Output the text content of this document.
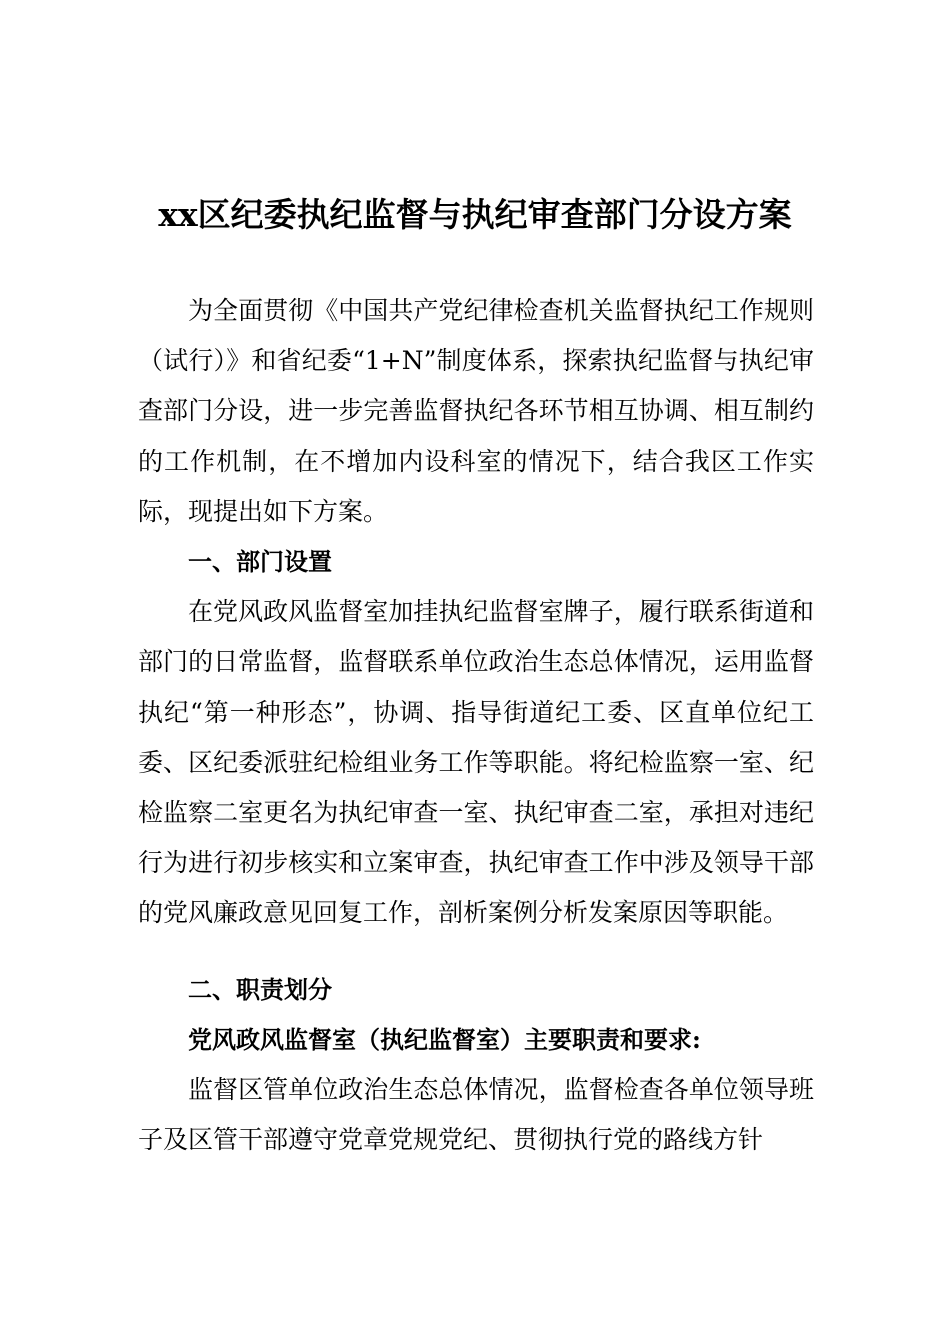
xx区纪委执纪监督与执纪审查部门分设方案

为全面贯彻《中国共产党纪律检查机关监督执纪工作规则（试行）》和省纪委“1+N”制度体系，探索执纪监督与执纪审查部门分设，进一步完善监督执纪各环节相互协调、相互制约的工作机制，在不增加内设科室的情况下，结合我区工作实际，现提出如下方案。

一、部门设置

在党风政风监督室加挂执纪监督室牌子，履行联系街道和部门的日常监督，监督联系单位政治生态总体情况，运用监督执纪“第一种形态”，协调、指导街道纪工委、区直单位纪工委、区纪委派驻纪检组业务工作等职能。将纪检监察一室、纪检监察二室更名为执纪审查一室、执纪审查二室，承担对违纪行为进行初步核实和立案审查，执纪审查工作中涉及领导干部的党风廉政意见回复工作，剖析案例分析发案原因等职能。

二、职责划分

党风政风监督室（执纪监督室）主要职责和要求:

监督区管单位政治生态总体情况，监督检查各单位领导班子及区管干部遵守党章党规党纪、贯彻执行党的路线方针
